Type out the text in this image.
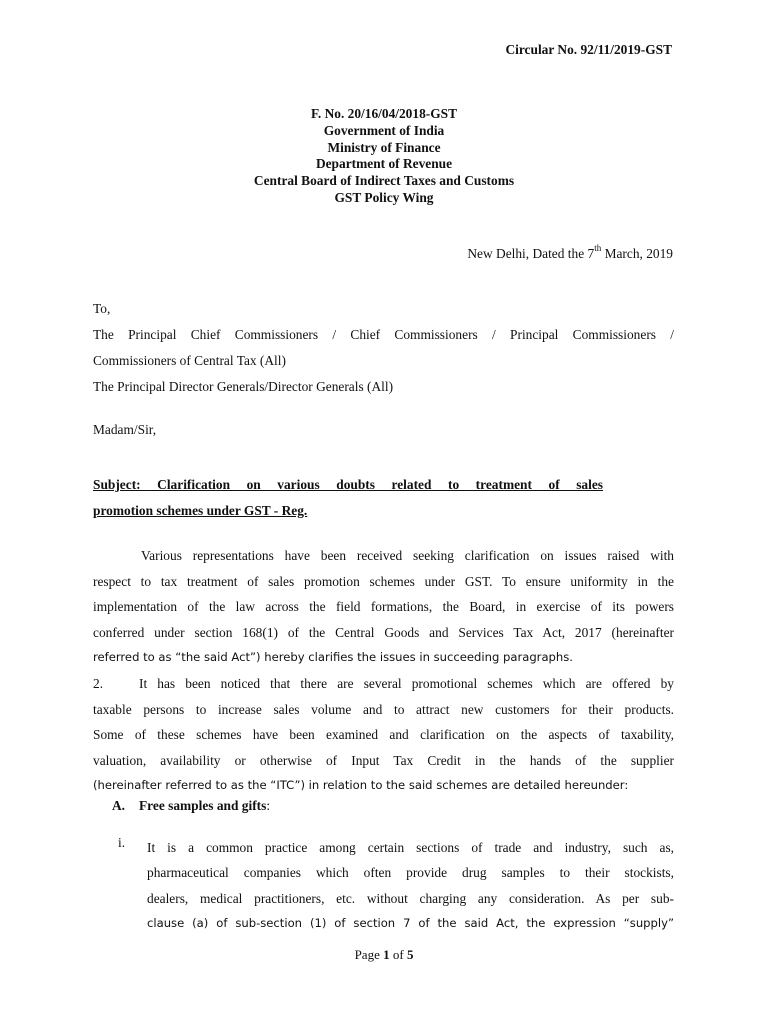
Circular No. 92/11/2019-GST
F. No. 20/16/04/2018-GST
Government of India
Ministry of Finance
Department of Revenue
Central Board of Indirect Taxes and Customs
GST Policy Wing
New Delhi, Dated the 7th March, 2019
To,
The Principal Chief Commissioners / Chief Commissioners / Principal Commissioners /
Commissioners of Central Tax (All)
The Principal Director Generals/Director Generals (All)
Madam/Sir,
Subject: Clarification on various doubts related to treatment of sales
promotion schemes under GST - Reg.
Various representations have been received seeking clarification on issues raised with
respect to tax treatment of sales promotion schemes under GST. To ensure uniformity in the
implementation of the law across the field formations, the Board, in exercise of its powers
conferred under section 168(1) of the Central Goods and Services Tax Act, 2017 (hereinafter
referred to as “the said Act”) hereby clarifies the issues in succeeding paragraphs.
2.	It has been noticed that there are several promotional schemes which are offered by
taxable persons to increase sales volume and to attract new customers for their products.
Some of these schemes have been examined and clarification on the aspects of taxability,
valuation, availability or otherwise of Input Tax Credit in the hands of the supplier
(hereinafter referred to as the “ITC”) in relation to the said schemes are detailed hereunder:
A. Free samples and gifts:
i. It is a common practice among certain sections of trade and industry, such as,
pharmaceutical companies which often provide drug samples to their stockists,
dealers, medical practitioners, etc. without charging any consideration. As per sub-
clause (a) of sub-section (1) of section 7 of the said Act, the expression “supply”
Page 1 of 5
